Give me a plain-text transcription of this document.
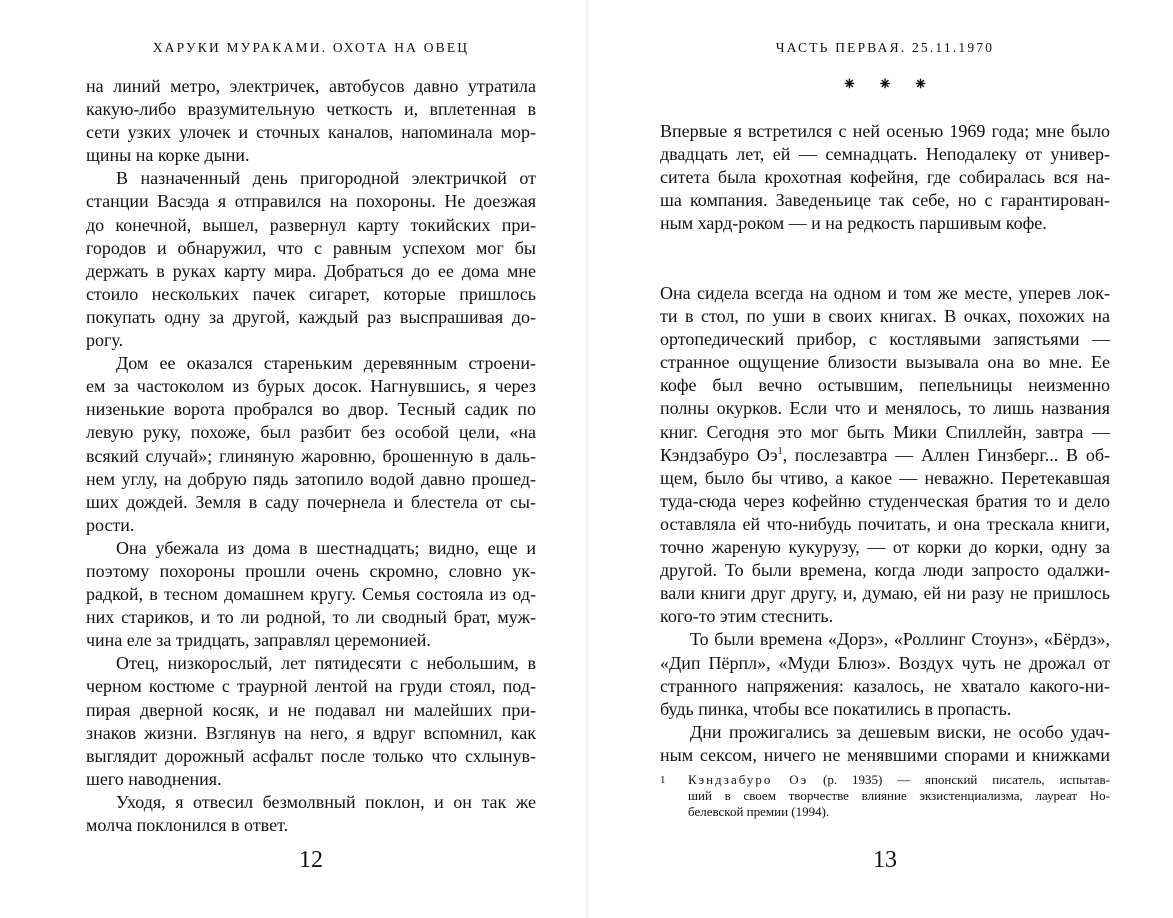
ХАРУКИ МУРАКАМИ. ОХОТА НА ОВЕЦ
на линий метро, электричек, автобусов давно утратила
какую-либо вразумительную четкость и, вплетенная в
сети узких улочек и сточных каналов, напоминала мор-
щины на корке дыни.
В назначенный день пригородной электричкой от
станции Васэда я отправился на похороны. Не доезжая
до конечной, вышел, развернул карту токийских при-
городов и обнаружил, что с равным успехом мог бы
держать в руках карту мира. Добраться до ее дома мне
стоило нескольких пачек сигарет, которые пришлось
покупать одну за другой, каждый раз выспрашивая до-
рогу.
Дом ее оказался стареньким деревянным строени-
ем за частоколом из бурых досок. Нагнувшись, я через
низенькие ворота пробрался во двор. Тесный садик по
левую руку, похоже, был разбит без особой цели, «на
всякий случай»; глиняную жаровню, брошенную в даль-
нем углу, на добрую пядь затопило водой давно прошед-
ших дождей. Земля в саду почернела и блестела от сы-
рости.
Она убежала из дома в шестнадцать; видно, еще и
поэтому похороны прошли очень скромно, словно ук-
радкой, в тесном домашнем кругу. Семья состояла из од-
них стариков, и то ли родной, то ли сводный брат, муж-
чина еле за тридцать, заправлял церемонией.
Отец, низкорослый, лет пятидесяти с небольшим, в
черном костюме с траурной лентой на груди стоял, под-
пирая дверной косяк, и не подавал ни малейших при-
знаков жизни. Взглянув на него, я вдруг вспомнил, как
выглядит дорожный асфальт после только что схлынув-
шего наводнения.
Уходя, я отвесил безмолвный поклон, и он так же
молча поклонился в ответ.
12
ЧАСТЬ ПЕРВАЯ. 25.11.1970
⁕ ⁕ ⁕
Впервые я встретился с ней осенью 1969 года; мне было
двадцать лет, ей — семнадцать. Неподалеку от универ-
ситета была крохотная кофейня, где собиралась вся на-
ша компания. Заведеньице так себе, но с гарантирован-
ным хард-роком — и на редкость паршивым кофе.
Она сидела всегда на одном и том же месте, уперев лок-
ти в стол, по уши в своих книгах. В очках, похожих на
ортопедический прибор, с костлявыми запястьями —
странное ощущение близости вызывала она во мне. Ее
кофе был вечно остывшим, пепельницы неизменно
полны окурков. Если что и менялось, то лишь названия
книг. Сегодня это мог быть Мики Спиллейн, завтра —
Кэндзабуро $Оэ^1$, послезавтра — Аллен Гинзберг... В об-
щем, было бы чтиво, а какое — неважно. Перетекавшая
туда-сюда через кофейню студенческая братия то и дело
оставляла ей что-нибудь почитать, и она трескала книги,
точно жареную кукурузу, — от корки до корки, одну за
другой. То были времена, когда люди запросто одалжи-
вали книги друг другу, и, думаю, ей ни разу не пришлось
кого-то этим стеснить.
То были времена «Дорз», «Роллинг Стоунз», «Бёрдз»,
«Дип Пёрпл», «Муди Блюз». Воздух чуть не дрожал от
странного напряжения: казалось, не хватало какого-ни-
будь пинка, чтобы все покатились в пропасть.
Дни прожигались за дешевым виски, не особо удач-
ным сексом, ничего не менявшими спорами и книжками
1 Кэндзабуро Оэ (р. 1935) — японский писатель, испытав-
ший в своем творчестве влияние экзистенциализма, лауреат Но-
белевской премии (1994).
13
